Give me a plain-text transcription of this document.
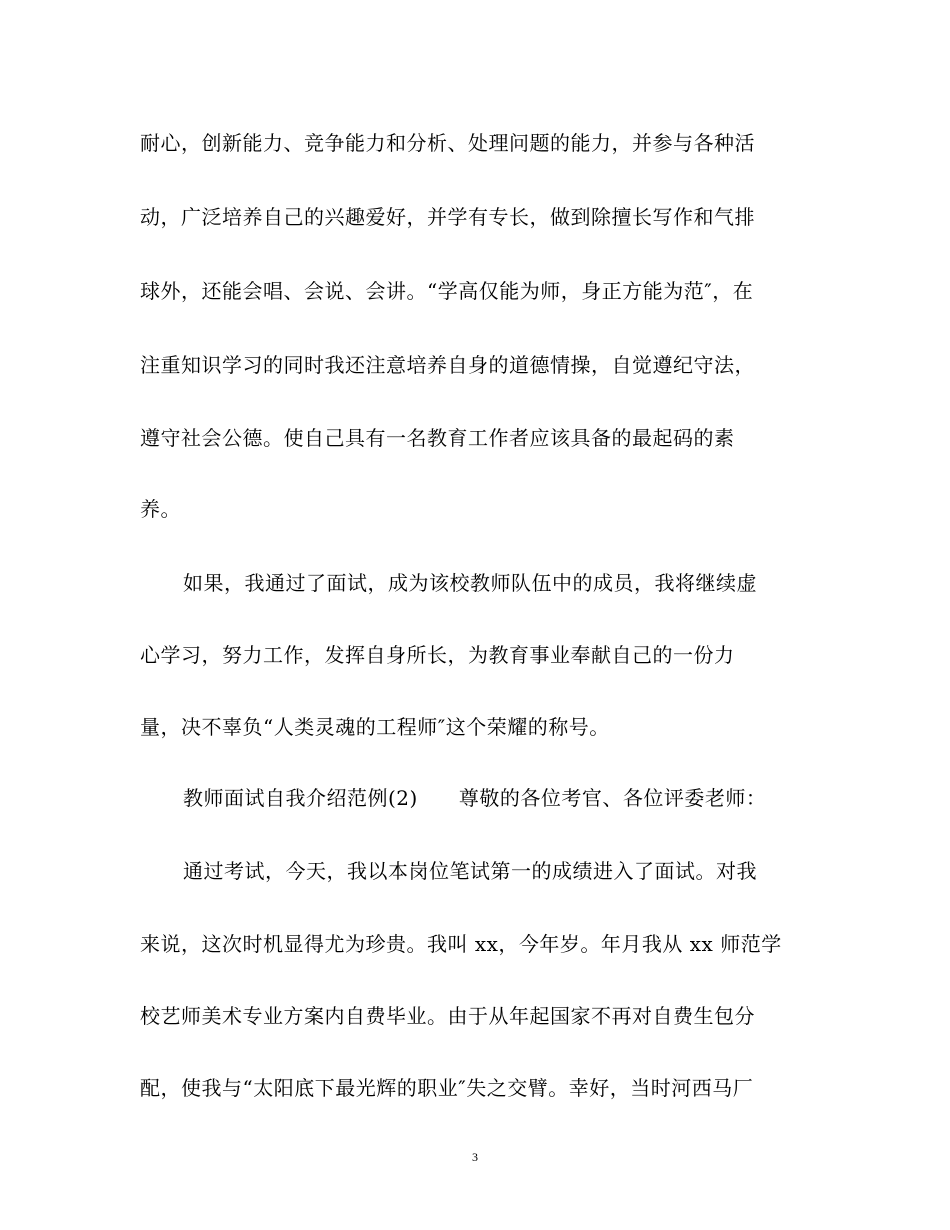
耐心，创新能力、竞争能力和分析、处理问题的能力，并参与各种活
动，广泛培养自己的兴趣爱好，并学有专长，做到除擅长写作和气排
球外，还能会唱、会说、会讲。“学高仅能为师，身正方能为范″，在
注重知识学习的同时我还注意培养自身的道德情操，自觉遵纪守法，
遵守社会公德。使自己具有一名教育工作者应该具备的最起码的素
养。
如果，我通过了面试，成为该校教师队伍中的成员，我将继续虚
心学习，努力工作，发挥自身所长，为教育事业奉献自己的一份力
量，决不辜负“人类灵魂的工程师″这个荣耀的称号。
教师面试自我介绍范例(2)　　尊敬的各位考官、各位评委老师：
通过考试，今天，我以本岗位笔试第一的成绩进入了面试。对我
来说，这次时机显得尤为珍贵。我叫 xx，今年岁。年月我从 xx 师范学
校艺师美术专业方案内自费毕业。由于从年起国家不再对自费生包分
配，使我与“太阳底下最光辉的职业″失之交臂。幸好，当时河西马厂
3
